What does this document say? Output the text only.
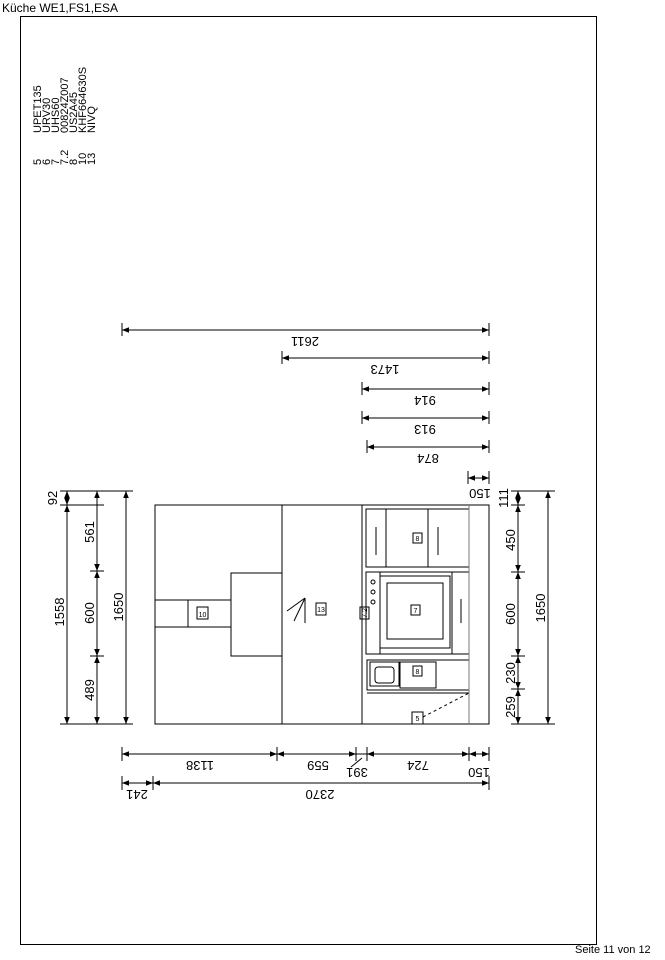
Küche WE1,FS1,ESA
5
UPET135
6
URV30
7
UHS60
7.2
00824Z007
8
US2A45
10
KHF664630S
13
NIVQ
2611
1473
914
913
874
150
10
13
8
7
8
5
7.2
92
561
600
489
1558	1650
111
450
600
230
259
1650
1138	559 391	724	150
241	2370
Seite 11 von 12
